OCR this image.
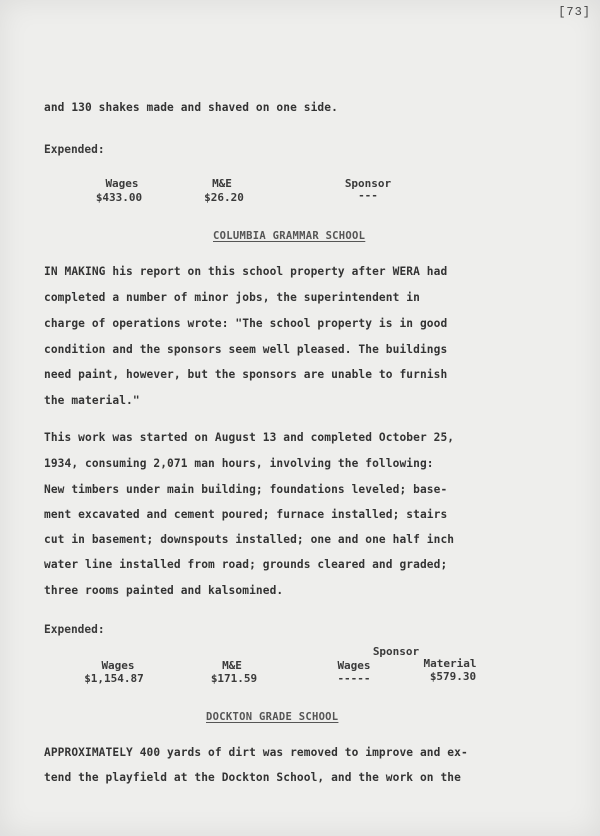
[73]
and 130 shakes made and shaved on one side.
Expended:
Wages
$433.00
M&E
$26.20
Sponsor
---
COLUMBIA GRAMMAR SCHOOL
IN MAKING his report on this school property after WERA had
completed a number of minor jobs, the superintendent in
charge of operations wrote: "The school property is in good
condition and the sponsors seem well pleased. The buildings
need paint, however, but the sponsors are unable to furnish
the material."
This work was started on August 13 and completed October 25,
1934, consuming 2,071 man hours, involving the following:
New timbers under main building; foundations leveled; base-
ment excavated and cement poured; furnace installed; stairs
cut in basement; downspouts installed; one and one half inch
water line installed from road; grounds cleared and graded;
three rooms painted and kalsomined.
Expended:
Sponsor
Wages
$1,154.87
M&E
$171.59
Wages
-----
Material
$579.30
DOCKTON GRADE SCHOOL
APPROXIMATELY 400 yards of dirt was removed to improve and ex-
tend the playfield at the Dockton School, and the work on the
